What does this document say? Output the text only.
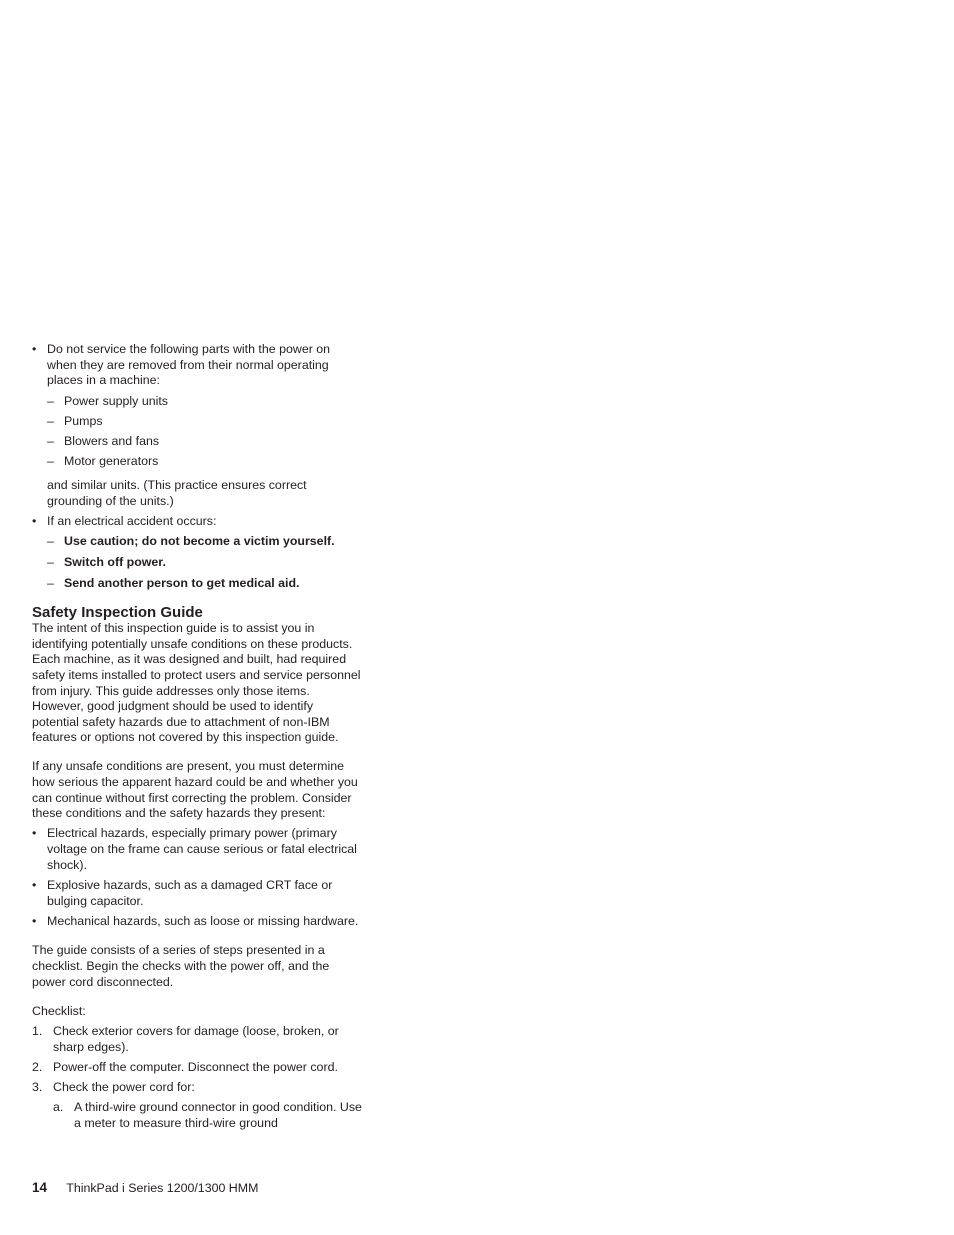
• Do not service the following parts with the power on when they are removed from their normal operating places in a machine:
– Power supply units
– Pumps
– Blowers and fans
– Motor generators

and similar units. (This practice ensures correct grounding of the units.)

• If an electrical accident occurs:
– Use caution; do not become a victim yourself.
– Switch off power.
– Send another person to get medical aid.
Safety Inspection Guide

The intent of this inspection guide is to assist you in identifying potentially unsafe conditions on these products. Each machine, as it was designed and built, had required safety items installed to protect users and service personnel from injury. This guide addresses only those items. However, good judgment should be used to identify potential safety hazards due to attachment of non-IBM features or options not covered by this inspection guide.

If any unsafe conditions are present, you must determine how serious the apparent hazard could be and whether you can continue without first correcting the problem. Consider these conditions and the safety hazards they present:

• Electrical hazards, especially primary power (primary voltage on the frame can cause serious or fatal electrical shock).
• Explosive hazards, such as a damaged CRT face or bulging capacitor.
• Mechanical hazards, such as loose or missing hardware.

The guide consists of a series of steps presented in a checklist. Begin the checks with the power off, and the power cord disconnected.

Checklist:

1. Check exterior covers for damage (loose, broken, or sharp edges).
2. Power-off the computer. Disconnect the power cord.
3. Check the power cord for:
a. A third-wire ground connector in good condition. Use a meter to measure third-wire ground
14 ThinkPad i Series 1200/1300 HMM
